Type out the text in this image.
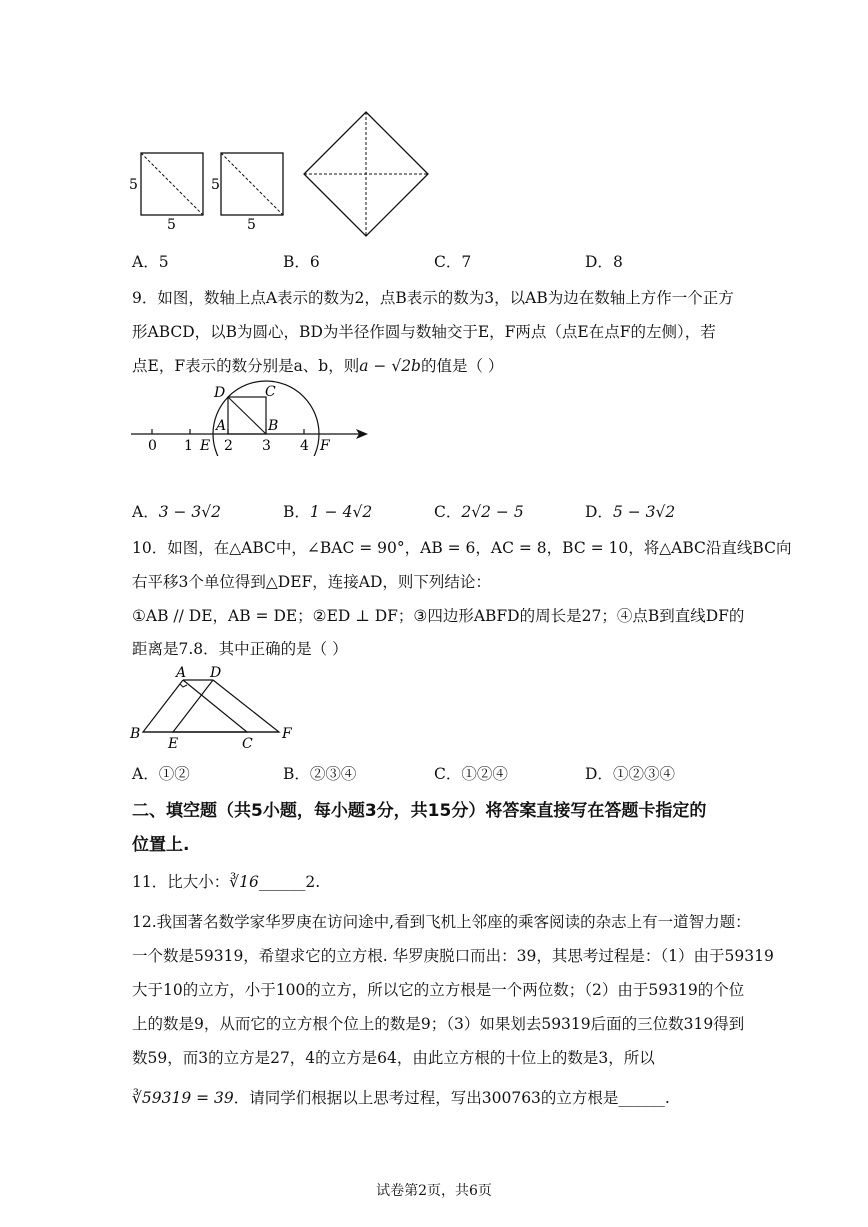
5
5
5
5
A．5	B．6	C．7	D．8
9．如图，数轴上点A表示的数为2，点B表示的数为3，以AB为边在数轴上方作一个正方
形ABCD，以B为圆心，BD为半径作圆与数轴交于E，F两点（点E在点F的左侧），若
点E，F表示的数分别是a、b，则a − √2b的值是（ ）
0 1 2 3 4
D	C
A	B
E	F
A．3 − 3√2	B．1 − 4√2	C．2√2 − 5	D．5 − 3√2
10．如图，在△ABC中，∠BAC = 90°，AB = 6，AC = 8，BC = 10，将△ABC沿直线BC向
右平移3个单位得到△DEF，连接AD，则下列结论：
①AB // DE，AB = DE；②ED ⊥ DF；③四边形ABFD的周长是27；④点B到直线DF的
距离是7.8．其中正确的是（ ）
A D
B
E	C
F
A．①②	B．②③④	C．①②④	D．①②③④
二、填空题（共5小题，每小题3分，共15分）将答案直接写在答题卡指定的
位置上.
11．比大小：∛16______2.
12.我国著名数学家华罗庚在访问途中,看到飞机上邻座的乘客阅读的杂志上有一道智力题：
一个数是59319，希望求它的立方根. 华罗庚脱口而出：39，其思考过程是：（1）由于59319
大于10的立方，小于100的立方，所以它的立方根是一个两位数；（2）由于59319的个位
上的数是9，从而它的立方根个位上的数是9；（3）如果划去59319后面的三位数319得到
数59，而3的立方是27，4的立方是64，由此立方根的十位上的数是3，所以
∛59319 = 39．请同学们根据以上思考过程，写出300763的立方根是______.
试卷第2页，共6页
